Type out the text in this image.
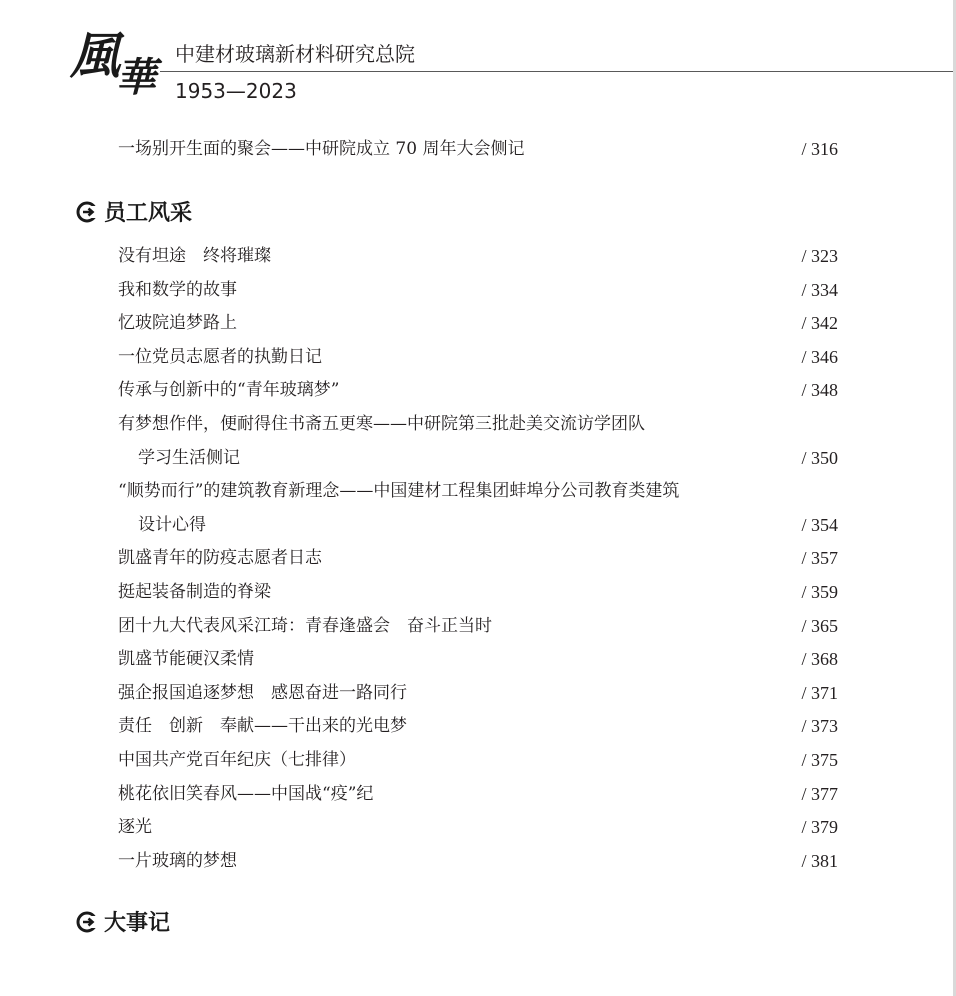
風$_華$ 中建材玻璃新材料研究总院
1953—2023
一场别开生面的聚会——中研院成立 70 周年大会侧记	/ 316
员工风采
没有坦途　终将璀璨	/ 323
我和数学的故事	/ 334
忆玻院追梦路上	/ 342
一位党员志愿者的执勤日记	/ 346
传承与创新中的“青年玻璃梦”	/ 348
有梦想作伴，便耐得住书斋五更寒——中研院第三批赴美交流访学团队
学习生活侧记	/ 350
“顺势而行”的建筑教育新理念——中国建材工程集团蚌埠分公司教育类建筑
设计心得	/ 354
凯盛青年的防疫志愿者日志	/ 357
挺起装备制造的脊梁	/ 359
团十九大代表风采江琦：青春逢盛会　奋斗正当时	/ 365
凯盛节能硬汉柔情	/ 368
强企报国追逐梦想　感恩奋进一路同行	/ 371
责任　创新　奉献——干出来的光电梦	/ 373
中国共产党百年纪庆（七排律）	/ 375
桃花依旧笑春风——中国战“疫”纪	/ 377
逐光	/ 379
一片玻璃的梦想	/ 381
大事记
